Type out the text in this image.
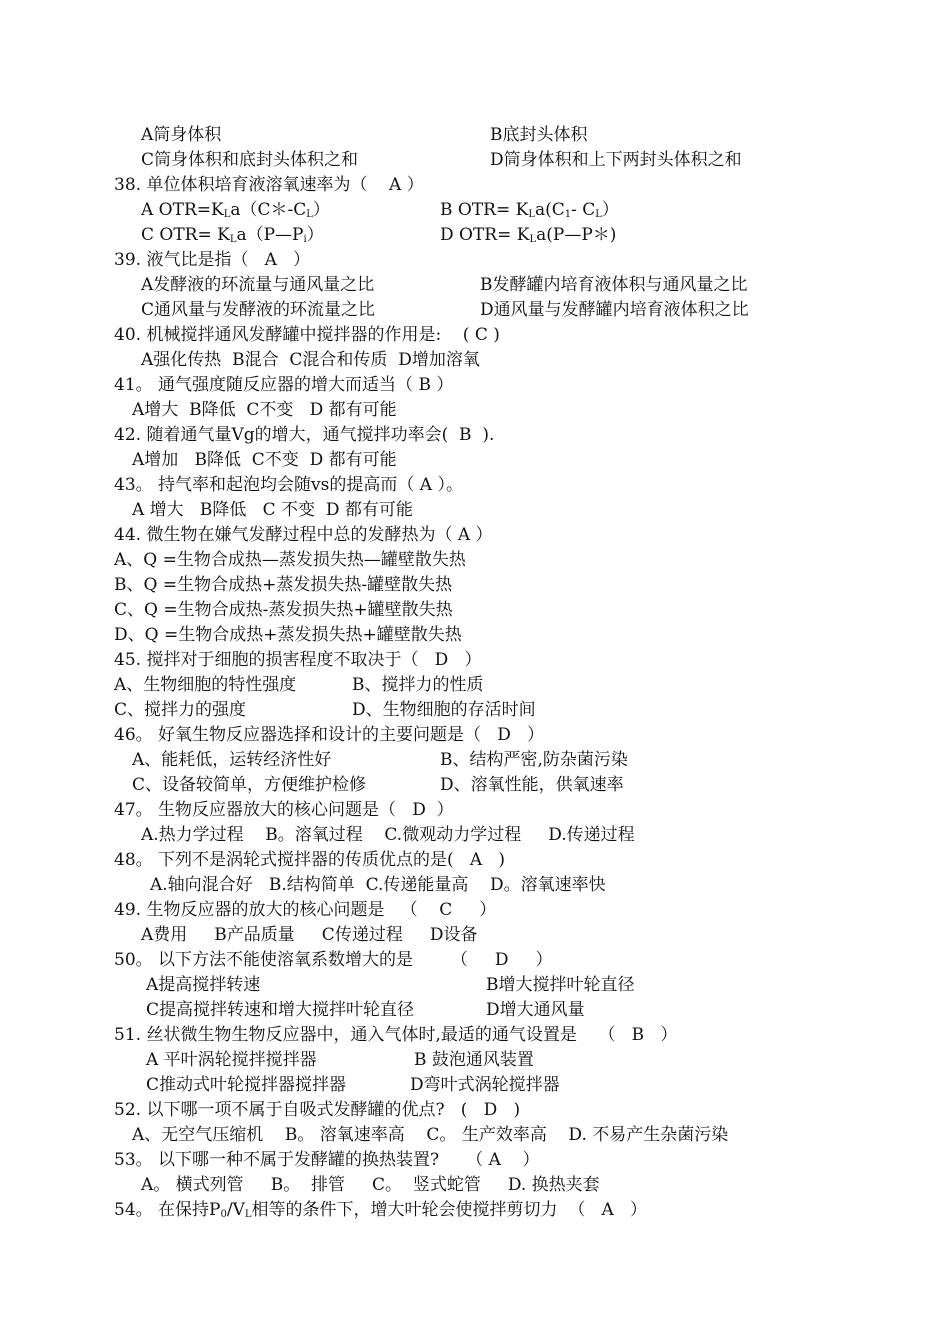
A筒身体积	B底封头体积
C筒身体积和底封头体积之和	D筒身体积和上下两封头体积之和
38. 单位体积培育液溶氧速率为（    A ）
A $OTR=K_La(C*-C_L)$	B $OTR= K_La(C_1-$ $C_L$）
C $OTR= K_La(P—P_i)$	D $OTR= K_La(P—P*)$
39. 液气比是指（   A   ）
A发酵液的环流量与通风量之比	B发酵罐内培育液体积与通风量之比
C通风量与发酵液的环流量之比	D通风量与发酵罐内培育液体积之比
40. 机械搅拌通风发酵罐中搅拌器的作用是:    ( C )
A强化传热  B混合  C混合和传质  D增加溶氧
41。 通气强度随反应器的增大而适当（ B ）
A增大  B降低  C不变   D 都有可能
42. 随着通气量Vg的增大，通气搅拌功率会(  B  ).
A增加   B降低  C不变  D 都有可能
43。 持气率和起泡均会随vs的提高而（ A ）。
A 增大   B降低   C 不变  D 都有可能
44. 微生物在嫌气发酵过程中总的发酵热为（ A ）
A、Q =生物合成热—蒸发损失热—罐壁散失热
B、Q =生物合成热+蒸发损失热-罐壁散失热
C、Q =生物合成热-蒸发损失热+罐壁散失热
D、Q =生物合成热+蒸发损失热+罐壁散失热
45. 搅拌对于细胞的损害程度不取决于（   D   ）
A、生物细胞的特性强度	B、搅拌力的性质
C、搅拌力的强度	D、生物细胞的存活时间
46。 好氧生物反应器选择和设计的主要问题是（   D   ）
A、能耗低，运转经济性好	B、结构严密,防杂菌污染
C、设备较简单，方便维护检修	D、溶氧性能，供氧速率
47。 生物反应器放大的核心问题是（   D  ）
A.热力学过程    B。溶氧过程    C.微观动力学过程     D.传递过程
48。 下列不是涡轮式搅拌器的传质优点的是(   A   )
A.轴向混合好   B.结构简单  C.传递能量高    D。溶氧速率快
49. 生物反应器的放大的核心问题是   （    C     ）
A费用     B产品质量     C传递过程     D设备
50。 以下方法不能使溶氧系数增大的是       （     D     ）
A提高搅拌转速	B增大搅拌叶轮直径
C提高搅拌转速和增大搅拌叶轮直径	D增大通风量
51. 丝状微生物生物反应器中，通入气体时,最适的通气设置是    （   B   ）
A 平叶涡轮搅拌搅拌器	B 鼓泡通风装置
C推动式叶轮搅拌器搅拌器	D弯叶式涡轮搅拌器
52. 以下哪一项不属于自吸式发酵罐的优点?   (   D   )
A、无空气压缩机    B。 溶氧速率高    C。 生产效率高    D. 不易产生杂菌污染
53。 以下哪一种不属于发酵罐的换热装置?     （ A    ）
A。 横式列管     B。  排管     C。  竖式蛇管     D. 换热夹套
54。 在保持$P_0/V_L$相等的条件下，增大叶轮会使搅拌剪切力  （   A   ）
